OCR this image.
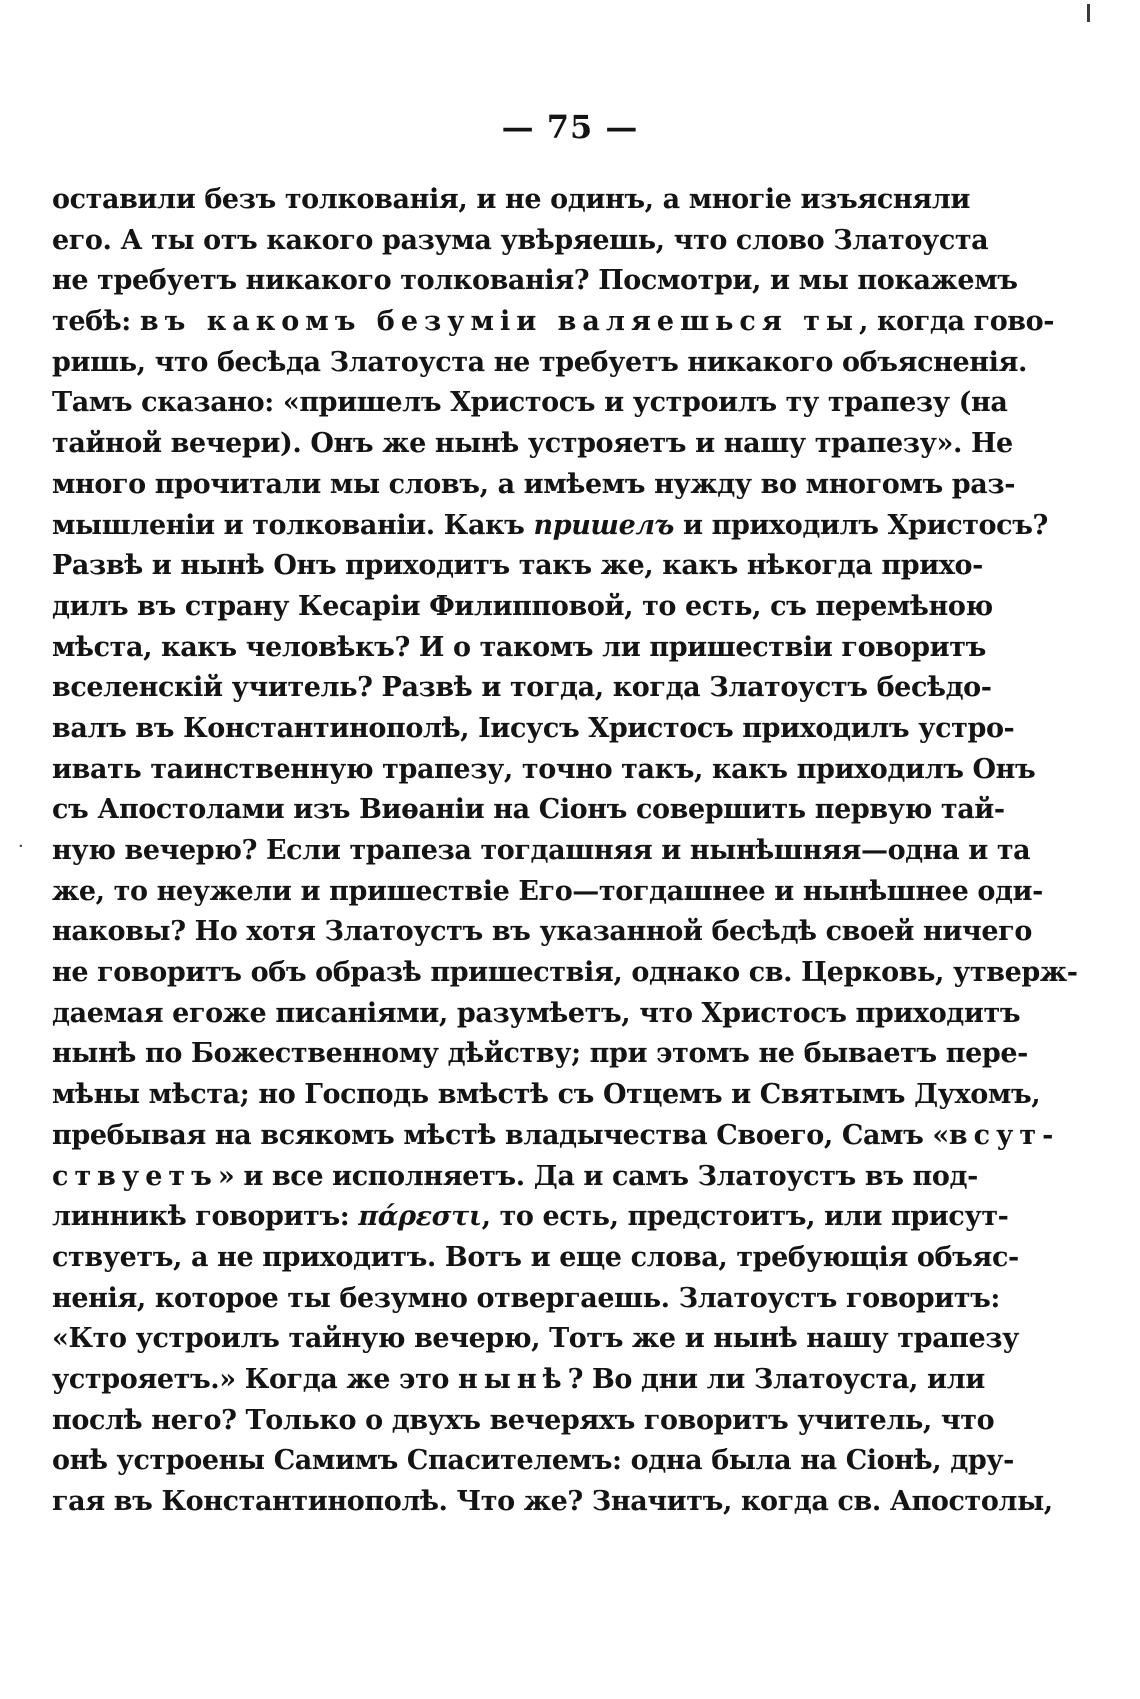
— 75 —
·
оставили безъ толкованія, и не одинъ, а многіе изъясняли
его. А ты отъ какого разума увѣряешь, что слово Златоуста
не требуетъ никакого толкованія? Посмотри, и мы покажемъ
тебѣ: въ какомъ безуміи валяешься ты, когда гово-
ришь, что бесѣда Златоуста не требуетъ никакого объясненія.
Тамъ сказано: «пришелъ Христосъ и устроилъ ту трапезу (на
тайной вечери). Онъ же нынѣ устрояетъ и нашу трапезу». Не
много прочитали мы словъ, а имѣемъ нужду во многомъ раз-
мышленіи и толкованіи. Какъ пришелъ и приходилъ Христосъ?
Развѣ и нынѣ Онъ приходитъ такъ же, какъ нѣкогда прихо-
дилъ въ страну Кесаріи Филипповой, то есть, съ перемѣною
мѣста, какъ человѣкъ? И о такомъ ли пришествіи говоритъ
вселенскій учитель? Развѣ и тогда, когда Златоустъ бесѣдо-
валъ въ Константинополѣ, Іисусъ Христосъ приходилъ устро-
ивать таинственную трапезу, точно такъ, какъ приходилъ Онъ
съ Апостолами изъ Виѳаніи на Сіонъ совершить первую тай-
ную вечерю? Если трапеза тогдашняя и нынѣшняя—одна и та
же, то неужели и пришествіе Его—тогдашнее и нынѣшнее оди-
наковы? Но хотя Златоустъ въ указанной бесѣдѣ своей ничего
не говоритъ объ образѣ пришествія, однако св. Церковь, утверж-
даемая егоже писаніями, разумѣетъ, что Христосъ приходитъ
нынѣ по Божественному дѣйству; при этомъ не бываетъ пере-
мѣны мѣста; но Господь вмѣстѣ съ Отцемъ и Святымъ Духомъ,
пребывая на всякомъ мѣстѣ владычества Своего, Самъ «вcут-
ствуетъ» и все исполняетъ. Да и самъ Златоустъ въ под-
линникѣ говоритъ: πάρεστι, то есть, предстоитъ, или присут-
ствуетъ, а не приходитъ. Вотъ и еще слова, требующія объяс-
ненія, которое ты безумно отвергаешь. Златоустъ говоритъ:
«Кто устроилъ тайную вечерю, Тотъ же и нынѣ нашу трапезу
устрояетъ.» Когда же это нынѣ? Во дни ли Златоуста, или
послѣ него? Только о двухъ вечеряхъ говоритъ учитель, что
онѣ устроены Самимъ Спасителемъ: одна была на Сіонѣ, дру-
гая въ Константинополѣ. Что же? Значитъ, когда св. Апостолы,
